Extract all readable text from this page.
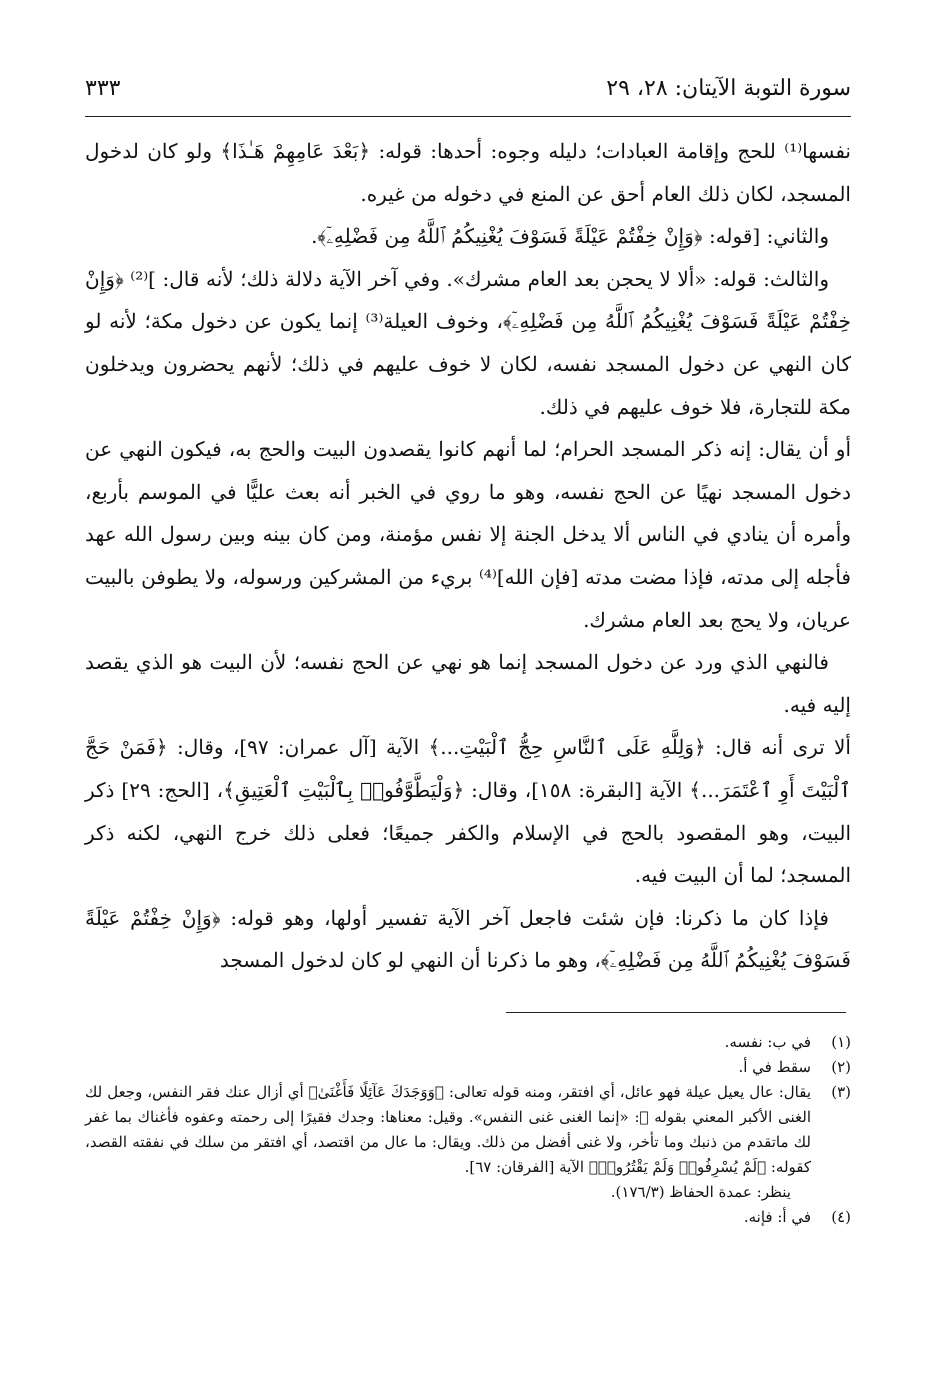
سورة التوبة الآيتان: ٢٨، ٢٩
٣٣٣

نفسها⁽¹⁾ للحج وإقامة العبادات؛ دليله وجوه: أحدها: قوله: ﴿بَعْدَ عَامِهِمْ هَـٰذَا﴾ ولو كان لدخول المسجد، لكان ذلك العام أحق عن المنع في دخوله من غيره.

والثاني: [قوله: ﴿وَإِنْ خِفْتُمْ عَيْلَةً فَسَوْفَ يُغْنِيكُمُ ٱللَّهُ مِن فَضْلِهِۦٓ﴾.

والثالث: قوله: «ألا لا يحجن بعد العام مشرك». وفي آخر الآية دلالة ذلك؛ لأنه قال: ]⁽²⁾ ﴿وَإِنْ خِفْتُمْ عَيْلَةً فَسَوْفَ يُغْنِيكُمُ ٱللَّهُ مِن فَضْلِهِۦٓ﴾، وخوف العيلة⁽³⁾ إنما يكون عن دخول مكة؛ لأنه لو كان النهي عن دخول المسجد نفسه، لكان لا خوف عليهم في ذلك؛ لأنهم يحضرون ويدخلون مكة للتجارة، فلا خوف عليهم في ذلك.

أو أن يقال: إنه ذكر المسجد الحرام؛ لما أنهم كانوا يقصدون البيت والحج به، فيكون النهي عن دخول المسجد نهيًا عن الحج نفسه، وهو ما روي في الخبر أنه بعث عليًّا في الموسم بأربع، وأمره أن ينادي في الناس ألا يدخل الجنة إلا نفس مؤمنة، ومن كان بينه وبين رسول الله عهد فأجله إلى مدته، فإذا مضت مدته [فإن الله]⁽⁴⁾ بريء من المشركين ورسوله، ولا يطوفن بالبيت عريان، ولا يحج بعد العام مشرك.

فالنهي الذي ورد عن دخول المسجد إنما هو نهي عن الحج نفسه؛ لأن البيت هو الذي يقصد إليه فيه.

ألا ترى أنه قال: ﴿وَلِلَّهِ عَلَى ٱلنَّاسِ حِجُّ ٱلْبَيْتِ...﴾ الآية [آل عمران: ٩٧]، وقال: ﴿فَمَنْ حَجَّ ٱلْبَيْتَ أَوِ ٱعْتَمَرَ...﴾ الآية [البقرة: ١٥٨]، وقال: ﴿وَلْيَطَّوَّفُوا۟ بِٱلْبَيْتِ ٱلْعَتِيقِ﴾، [الحج: ٢٩] ذكر البيت، وهو المقصود بالحج في الإسلام والكفر جميعًا؛ فعلى ذلك خرج النهي، لكنه ذكر المسجد؛ لما أن البيت فيه.

فإذا كان ما ذكرنا: فإن شئت فاجعل آخر الآية تفسير أولها، وهو قوله: ﴿وَإِنْ خِفْتُمْ عَيْلَةً فَسَوْفَ يُغْنِيكُمُ ٱللَّهُ مِن فَضْلِهِۦٓ﴾، وهو ما ذكرنا أن النهي لو كان لدخول المسجد

(١)في ب: نفسه.

(٢)سقط في أ.

(٣)يقال: عال يعيل عيلة فهو عائل، أي افتقر، ومنه قوله تعالى: ﴿وَوَجَدَكَ عَآئِلًا فَأَغْنَىٰ﴾ أي أزال عنك فقر النفس، وجعل لك الغنى الأكبر المعني بقوله ﷺ: «إنما الغنى غنى النفس». وقيل: معناها: وجدك فقيرًا إلى رحمته وعفوه فأغناك بما غفر لك ماتقدم من ذنبك وما تأخر، ولا غنى أفضل من ذلك. ويقال: ما عال من اقتصد، أي افتقر من سلك في نفقته القصد، كقوله: ﴿لَمْ يُسْرِفُوا۟ وَلَمْ يَقْتُرُوا۟﴾ الآية [الفرقان: ٦٧].

ينظر: عمدة الحفاظ (١٧٦/٣).

(٤)في أ: فإنه.
